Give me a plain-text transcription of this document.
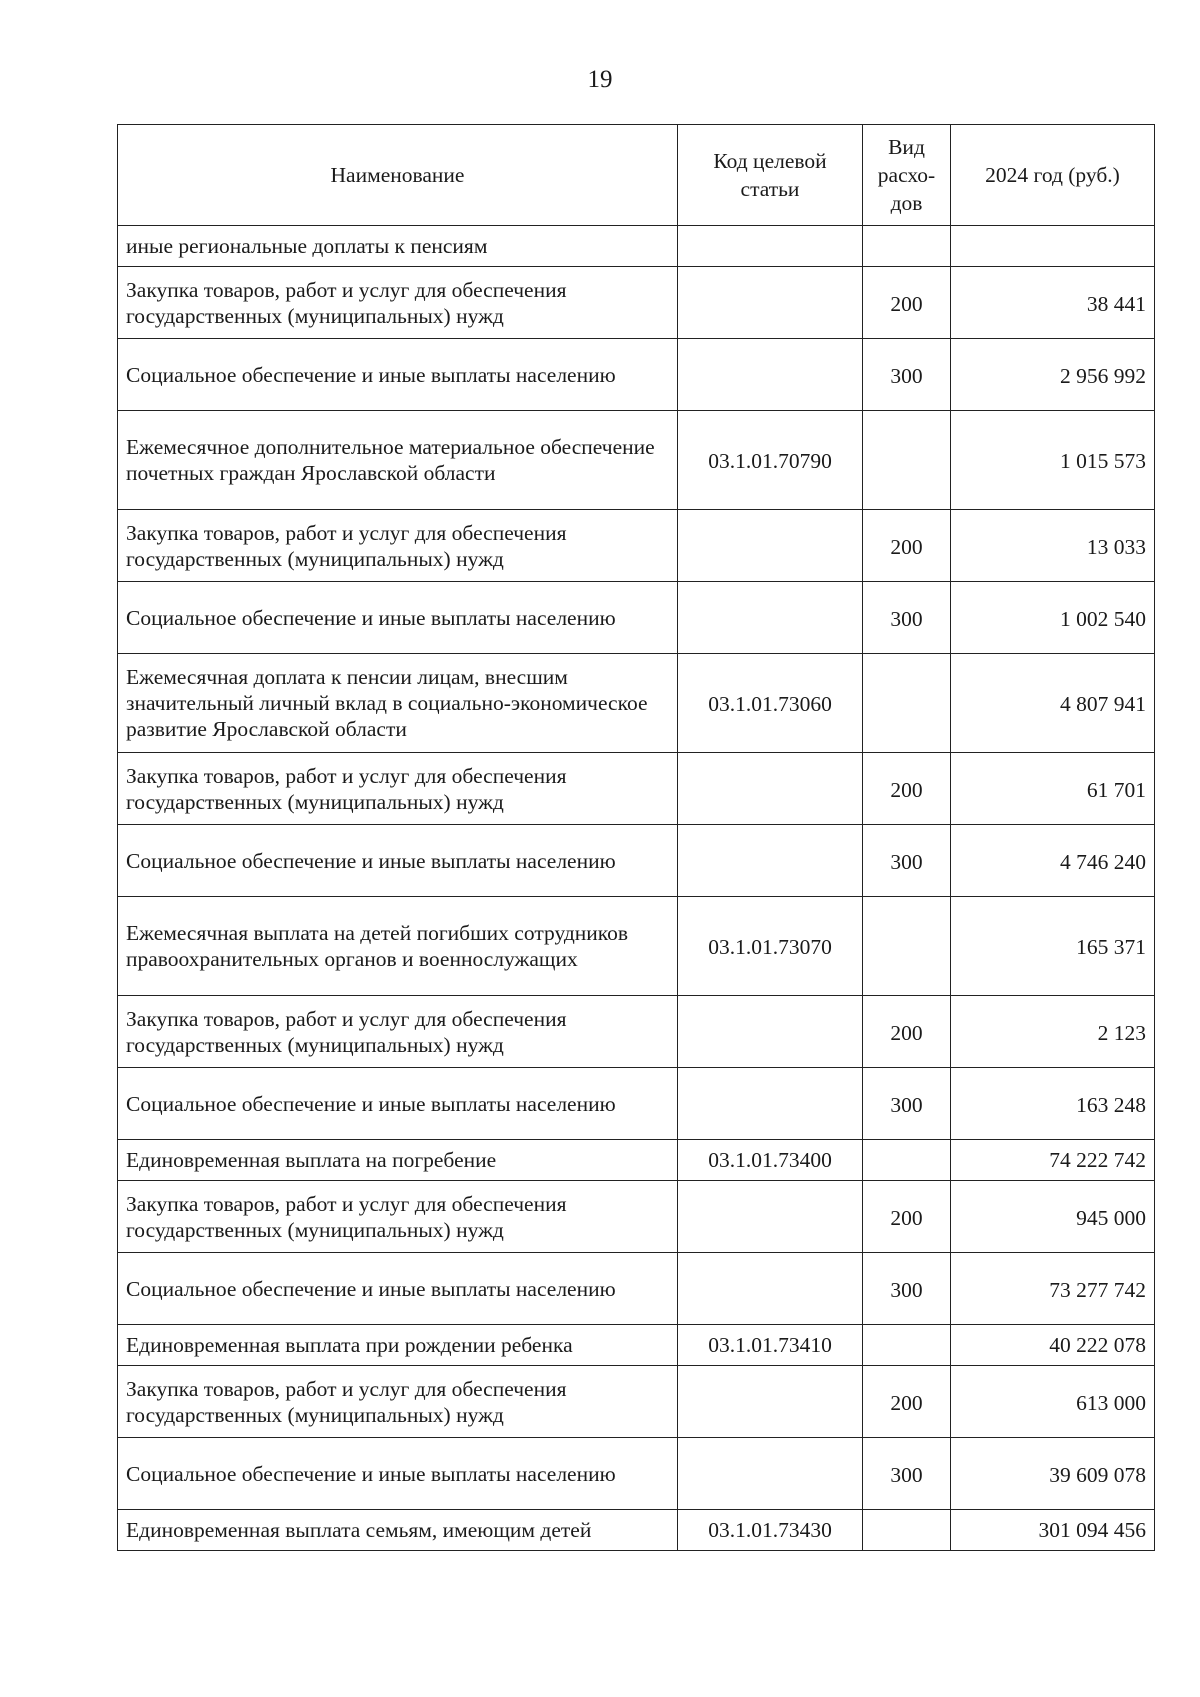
19
Наименование	Код целевой статьи	Вид расхо-дов	2024 год (руб.)
иные региональные доплаты к пенсиям			
Закупка товаров, работ и услуг для обеспечения государственных (муниципальных) нужд		200	38 441
Социальное обеспечение и иные выплаты населению		300	2 956 992
Ежемесячное дополнительное материальное обеспечение почетных граждан Ярославской области	03.1.01.70790		1 015 573
Закупка товаров, работ и услуг для обеспечения государственных (муниципальных) нужд		200	13 033
Социальное обеспечение и иные выплаты населению		300	1 002 540
Ежемесячная доплата к пенсии лицам, внесшим значительный личный вклад в социально-экономическое развитие Ярославской области	03.1.01.73060		4 807 941
Закупка товаров, работ и услуг для обеспечения государственных (муниципальных) нужд		200	61 701
Социальное обеспечение и иные выплаты населению		300	4 746 240
Ежемесячная выплата на детей погибших сотрудников правоохранительных органов и военнослужащих	03.1.01.73070		165 371
Закупка товаров, работ и услуг для обеспечения государственных (муниципальных) нужд		200	2 123
Социальное обеспечение и иные выплаты населению		300	163 248
Единовременная выплата на погребение	03.1.01.73400		74 222 742
Закупка товаров, работ и услуг для обеспечения государственных (муниципальных) нужд		200	945 000
Социальное обеспечение и иные выплаты населению		300	73 277 742
Единовременная выплата при рождении ребенка	03.1.01.73410		40 222 078
Закупка товаров, работ и услуг для обеспечения государственных (муниципальных) нужд		200	613 000
Социальное обеспечение и иные выплаты населению		300	39 609 078
Единовременная выплата семьям, имеющим детей	03.1.01.73430		301 094 456
